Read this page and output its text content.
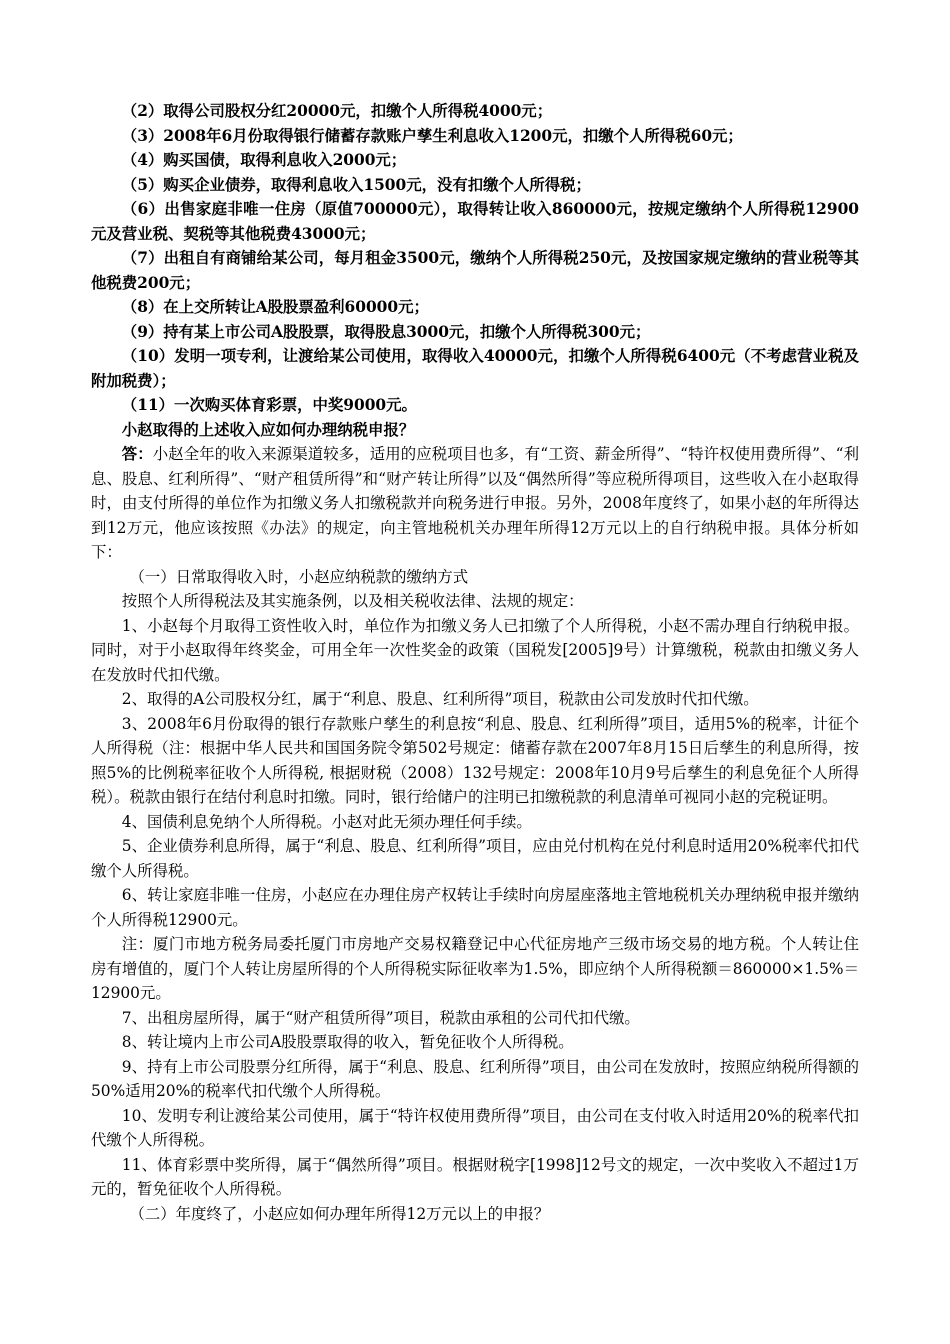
（2）取得公司股权分红20000元，扣缴个人所得税4000元；

（3）2008年6月份取得银行储蓄存款账户孳生利息收入1200元，扣缴个人所得税60元；

（4）购买国债，取得利息收入2000元；

（5）购买企业债券，取得利息收入1500元，没有扣缴个人所得税；

（6）出售家庭非唯一住房（原值700000元），取得转让收入860000元，按规定缴纳个人所得税12900元及营业税、契税等其他税费43000元；

（7）出租自有商铺给某公司，每月租金3500元，缴纳个人所得税250元，及按国家规定缴纳的营业税等其他税费200元；

（8）在上交所转让A股股票盈利60000元；

（9）持有某上市公司A股股票，取得股息3000元，扣缴个人所得税300元；

（10）发明一项专利，让渡给某公司使用，取得收入40000元，扣缴个人所得税6400元（不考虑营业税及附加税费）；

（11）一次购买体育彩票，中奖9000元。

小赵取得的上述收入应如何办理纳税申报？

答：小赵全年的收入来源渠道较多，适用的应税项目也多，有“工资、薪金所得”、“特许权使用费所得”、“利息、股息、红利所得”、“财产租赁所得”和“财产转让所得”以及“偶然所得”等应税所得项目，这些收入在小赵取得时，由支付所得的单位作为扣缴义务人扣缴税款并向税务进行申报。另外，2008年度终了，如果小赵的年所得达到12万元，他应该按照《办法》的规定，向主管地税机关办理年所得12万元以上的自行纳税申报。具体分析如下：

（一）日常取得收入时，小赵应纳税款的缴纳方式

按照个人所得税法及其实施条例，以及相关税收法律、法规的规定：

1、小赵每个月取得工资性收入时，单位作为扣缴义务人已扣缴了个人所得税，小赵不需办理自行纳税申报。同时，对于小赵取得年终奖金，可用全年一次性奖金的政策（国税发[2005]9号）计算缴税，税款由扣缴义务人在发放时代扣代缴。

2、取得的A公司股权分红，属于“利息、股息、红利所得”项目，税款由公司发放时代扣代缴。

3、2008年6月份取得的银行存款账户孳生的利息按“利息、股息、红利所得”项目，适用5%的税率，计征个人所得税（注：根据中华人民共和国国务院令第502号规定：储蓄存款在2007年8月15日后孳生的利息所得，按照5%的比例税率征收个人所得税, 根据财税（2008）132号规定：2008年10月9号后孳生的利息免征个人所得税）。税款由银行在结付利息时扣缴。同时，银行给储户的注明已扣缴税款的利息清单可视同小赵的完税证明。

4、国债利息免纳个人所得税。小赵对此无须办理任何手续。

5、企业债券利息所得，属于“利息、股息、红利所得”项目，应由兑付机构在兑付利息时适用20%税率代扣代缴个人所得税。

6、转让家庭非唯一住房，小赵应在办理住房产权转让手续时向房屋座落地主管地税机关办理纳税申报并缴纳个人所得税12900元。

注：厦门市地方税务局委托厦门市房地产交易权籍登记中心代征房地产三级市场交易的地方税。个人转让住房有增值的，厦门个人转让房屋所得的个人所得税实际征收率为1.5%，即应纳个人所得税额＝860000×1.5%＝12900元。

7、出租房屋所得，属于“财产租赁所得”项目，税款由承租的公司代扣代缴。

8、转让境内上市公司A股股票取得的收入，暂免征收个人所得税。

9、持有上市公司股票分红所得，属于“利息、股息、红利所得”项目，由公司在发放时，按照应纳税所得额的50%适用20%的税率代扣代缴个人所得税。

10、发明专利让渡给某公司使用，属于“特许权使用费所得”项目，由公司在支付收入时适用20%的税率代扣代缴个人所得税。

11、体育彩票中奖所得，属于“偶然所得”项目。根据财税字[1998]12号文的规定，一次中奖收入不超过1万元的，暂免征收个人所得税。

（二）年度终了，小赵应如何办理年所得12万元以上的申报？
